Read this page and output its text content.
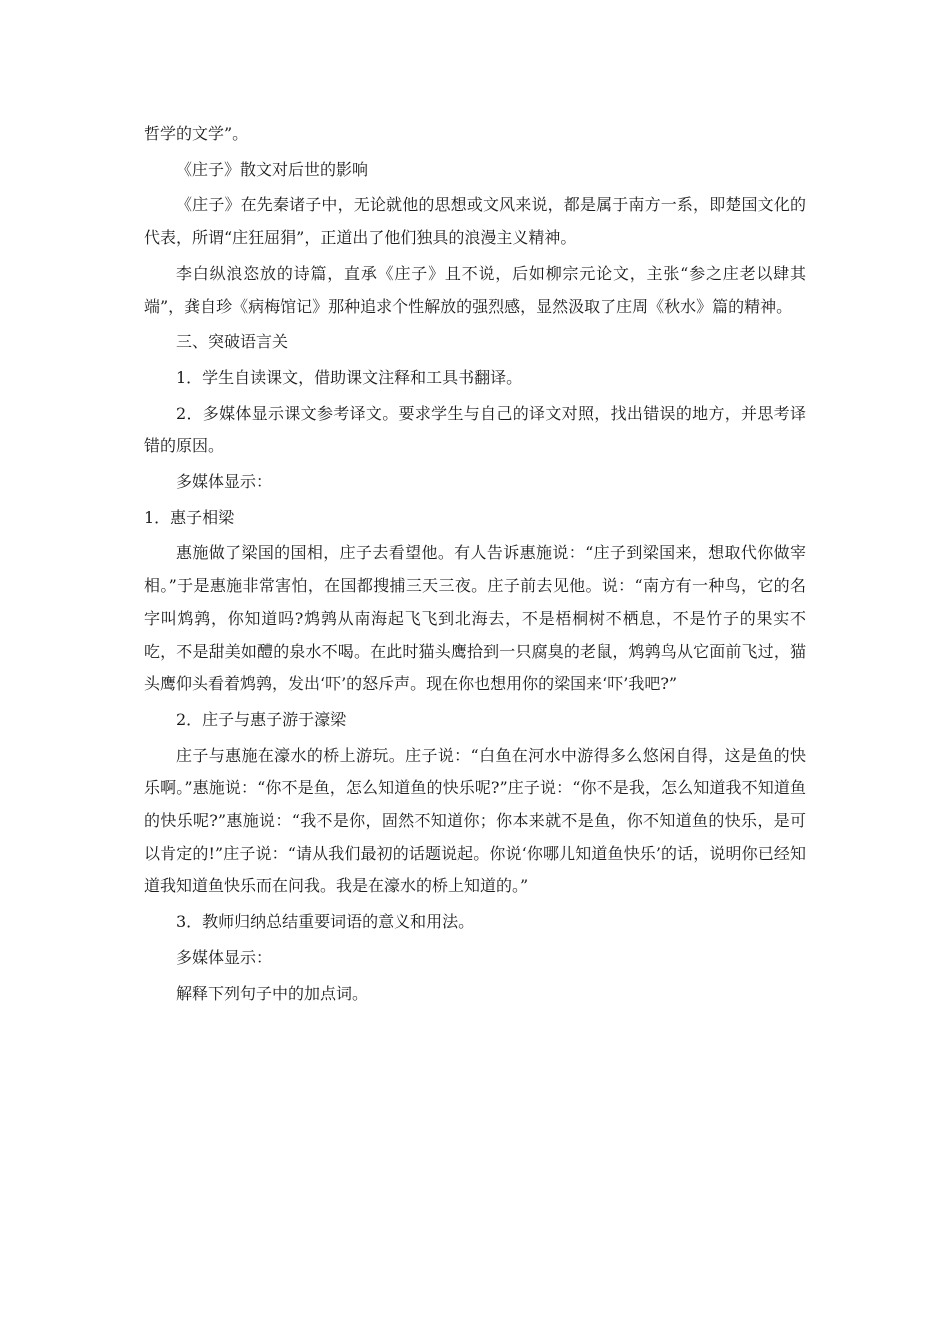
哲学的文学”。

《庄子》散文对后世的影响

《庄子》在先秦诸子中，无论就他的思想或文风来说，都是属于南方一系，即楚国文化的代表，所谓“庄狂屈狷”，正道出了他们独具的浪漫主义精神。

李白纵浪恣放的诗篇，直承《庄子》且不说，后如柳宗元论文，主张“参之庄老以肆其端”，龚自珍《病梅馆记》那种追求个性解放的强烈感，显然汲取了庄周《秋水》篇的精神。

三、突破语言关

1．学生自读课文，借助课文注释和工具书翻译。

2．多媒体显示课文参考译文。要求学生与自己的译文对照，找出错误的地方，并思考译错的原因。

多媒体显示：

1．惠子相梁

惠施做了梁国的国相，庄子去看望他。有人告诉惠施说：“庄子到梁国来，想取代你做宰相。”于是惠施非常害怕，在国都搜捕三天三夜。庄子前去见他。说：“南方有一种鸟，它的名字叫鸩鹑，你知道吗?鸩鹑从南海起飞飞到北海去，不是梧桐树不栖息，不是竹子的果实不吃，不是甜美如醴的泉水不喝。在此时猫头鹰拾到一只腐臭的老鼠，鸩鹑鸟从它面前飞过，猫头鹰仰头看着鸩鹑，发出‘吓’的怒斥声。现在你也想用你的梁国来‘吓’我吧?”

2．庄子与惠子游于濠梁

庄子与惠施在濠水的桥上游玩。庄子说：“白鱼在河水中游得多么悠闲自得，这是鱼的快乐啊。”惠施说：“你不是鱼，怎么知道鱼的快乐呢?”庄子说：“你不是我，怎么知道我不知道鱼的快乐呢?”惠施说：“我不是你，固然不知道你；你本来就不是鱼，你不知道鱼的快乐，是可以肯定的!”庄子说：“请从我们最初的话题说起。你说‘你哪儿知道鱼快乐’的话，说明你已经知道我知道鱼快乐而在问我。我是在濠水的桥上知道的。”

3．教师归纳总结重要词语的意义和用法。

多媒体显示：

解释下列句子中的加点词。
